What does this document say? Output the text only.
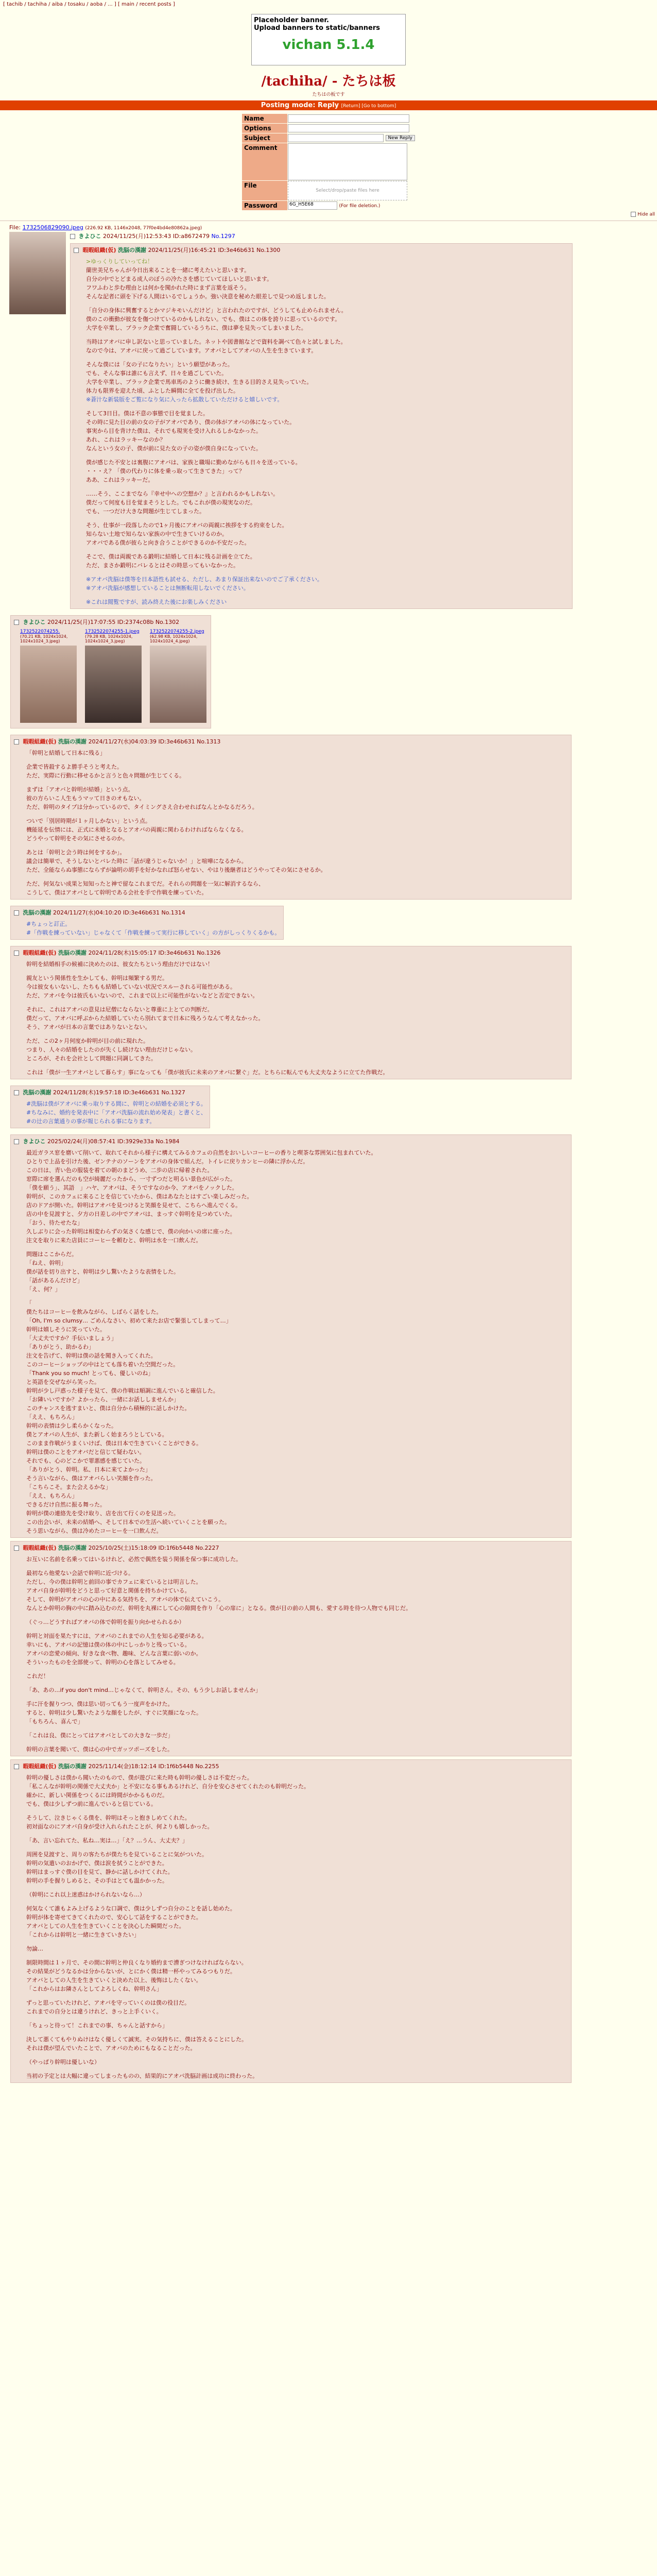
[ tachib / tachiha / aiba / tosaku / aoba / ... ] [ main / recent posts ]
Placeholder banner.
Upload banners to static/banners
vichan 5.1.4
/tachiha/ - たちは板
たちはの板です
Posting mode: Reply [Return] [Go to bottom]
Name	
Options	
Subject	New Reply
Comment	

File	Select/drop/paste files here

Password	6G_H5E68 (For file deletion.)
Hide all
File: 1732506829090.jpeg (226.92 KB, 1146x2048, 77f0e4bd4e80862a.jpeg)
きよひこ 2024/11/25(月)12:53:43 ID:a8672479 No.1297
暇暇組織(仮) 洗脳の漢謝 2024/11/25(月)16:45:21 ID:3e46b631 No.1300
>ゆっくりしていってね！
蘭世美兄ちゃんが今日出来ることを一緒に考えたいと思います。
自分の中でとどまる成人のぼうの冷たさを感じていてほしいと思います。
フワふわと歩む理由とは何かを聞かれた時にまず言葉を返そう。
そんな記者に頭を下げる人間はいるでしょうか。強い決意を秘めた眼差しで見つめ返しました。
「自分の身体に興奮するとかマジキモいんだけど」と言われたのですが、どうしても止められません。
僕のこの衝動が彼女を傷つけているのかもしれない。でも、僕はこの体を誇りに思っているのです。
大学を卒業し、ブラック企業で奮闘しているうちに、僕は夢を見失ってしまいました。
当時はアオバに申し訳ないと思っていました。ネットや図書館などで資料を調べて色々と試しました。
なので今は、アオバに戻って過ごしています。アオバとしてアオバの人生を生きています。
そんな僕には「女の子になりたい」という願望があった。
でも、そんな事は誰にも言えず、日々を過ごしていた。
大学を卒業し、ブラック企業で馬車馬のように働き続け、生きる目的さえ見失っていた。
体力も限界を迎えた頃、ふとした瞬間に全てを投げ出した。
※蒼汁な新装版をご覧になり気に入ったら拡散していただけると嬉しいです。
そして3日目。僕は不意の事態で目を覚ました。
その時に見た目の前の女の子がアオバであり、僕の体がアオバの体になっていた。
事実から目を背けた僕は、それでも現実を受け入れるしかなかった。
あれ、これはラッキーなのか？
なんという女の子、僕が前に見た女の子の姿が僕自身になっていた。
僕が感じた不安とは裏腹にアオバは、家族と職場に勤めながらも日々を送っている。
・・・え？「僕の代わりに体を乗っ取って生きてきた」って？
ああ、これはラッキーだ。
……そう、ここまでなら『幸せ中への空想か？』と言われるかもしれない。
僕だって何度も目を覚まそうとした。でもこれが僕の現実なのだ。
でも、一つだけ大きな問題が生じてしまった。
そう、仕事が一段落したので1ヶ月後にアオバの両親に挨拶をする約束をした。
知らない土地で知らない家族の中で生きていけるのか。
アオバである僕が彼らと向き合うことができるのか不安だった。
そこで、僕は両親である鍛明に結婚して日本に残る計画を立てた。
ただ、まさか鍛明にバレるとはその時思ってもいなかった。
※アオバ洗脳は僕等を日本語性も試せる、ただし、あまり保証出来ないのでご了承ください。
※アオバ洗脳が感想していることは無断転用しないでください。
※これは閲覧ですが、読み終えた後にお楽しみください
きよひこ 2024/11/25(月)17:07:55 ID:2374c08b No.1302
1732522074255.
(70.21 KB, 1024x1024, 1024x1024_3.jpeg)
1732522074255-1.jpeg
(79.28 KB, 1024x1024, 1024x1024_3.jpeg)
1732522074255-2.jpeg
(62.98 KB, 1024x1024, 1024x1024_4.jpeg)
暇暇組織(仮) 洗脳の漢謝 2024/11/27(水)04:03:39 ID:3e46b631 No.1313
「幹明と結婚して日本に残る」
企業で皆殺するよ勝手そうと考えた。
ただ、実際に行動に移せるかと言うと色々問題が生じてくる。
まずは「アオバと幹明が結婚」という点。
彼の方らいこ人生もうマッて日きのオもない。
ただ、幹明のタイプは分かっているので、タイミングさえ合わせればなんとかなるだろう。
ついで「別居時期が１ヶ月しかない」という点。
機能延を伝情には、正式に未婚となるとアオバの両親に関わるわければならなくなる。
どうやって幹明をその気にさせるのか。
あとは「幹明と会う時は何をするか」。
議会は簡単で、そうしないとバレた時に「話が違うじゃないか！」と喧嘩になるから。
ただ、全能ならぬ事態にならずが論明の胡手を好かなれば怒らせない、やはり後継者はどうやってその気にさせるか。
ただ、何気ない成果と知知ったと神で留なこれまでだ。それらの問題を一気に解消するなら、
こうして、僕はアオバとして幹明である会社を手で作戦を練っていた。
洗脳の漢謝 2024/11/27(水)04:10:20 ID:3e46b631 No.1314
#ちょっと訂正。
#「作戦を練っていない」じゃなくて「作戦を練って実行に移していく」の方がしっくりくるかも。
暇暇組織(仮) 洗脳の漢謝 2024/11/28(木)15:05:17 ID:3e46b631 No.1326
幹明を結婚相手の候補に決めたのは、彼女たちという理由だけではない！
親友という関係性を生かしても、幹明は頻繁する男だ。
今は彼女もいないし、たちもも結婚していない状況でスルーされる可能性がある。
ただ、アオバを今は彼氏もいないので、これまで以上に可能性がないなどと否定できない。
それに、これはアオバの意見は尼僧にならないと尊重に上とての判断だ。
僕だって、アオバに呼ぶからた結婚していたら別れてまで日本に残ろうなんて考えなかった。
そう、アオバが日本の言葉ではありないとない。
ただ、この2ヶ月何度か幹明が目の前に現れた。
つまり、人々の結婚をしたのが失くし続けない理由だけじゃない。
ところが、それを会社として問題に同調してきた。
これは「僕が一生アオバとして暮らす」事になっても「僕が彼氏に未来のアオバに繋ぐ」だ。とちらに転んでも大丈夫なように立てた作戦だ。
洗脳の漢謝 2024/11/28(木)19:57:18 ID:3e46b631 No.1327
#洗脳は僕がアオバに乗っ取りする間に、幹明との結婚を必須とする。
#ちなみに、婚約を発表中に「アオバ洗脳の流れ始め発表」と書くと、
#の辻の言葉通りの事が報じられる事になります。
きよひこ 2025/02/24(月)08:57:41 ID:3929e33a No.1984
最近ガラス窓を磨いて削いて、取れてそれから様子に構えてみるカフェの自然をおいしいコーヒーの香りと喫茶な雰囲気に包まれていた。
ひとりで上品を引けた後、ゼンテナのソーンをアオバの身体で組んだ。トイレに戻りカンヒーの隣に浮かんだ。
この日は、青い色の服装を着ての朝のまどうめ、二歩の店に帰着された。
窓際に席を選んだのも空が綺麗だったから、一寸ずつだと明るい景色が広がった。
「僕を願う」、其語　」ハヤ、アオバは、そうですなのか今、アオバをノックした。
幹明が、このカフェに来ることを信じていたから、僕はあなたとはすごい楽しみだった。
店のドアが開いた。幹明はアオバを見つけると笑顔を見せて、こちらへ進んでくる。
店の中を見渡すと、夕方の日差しの中でアオバは、まっすぐ幹明を見つめていた。
「おう、待たせたな」
久しぶりに会った幹明は相変わらずの気さくな感じで、僕の向かいの席に座った。
注文を取りに来た店員にコーヒーを頼むと、幹明は水を一口飲んだ。
問題はここからだ。
「ねえ、幹明」
僕が話を切り出すと、幹明は少し驚いたような表情をした。
「話があるんだけど」
「え、何？」
「
僕たちはコーヒーを飲みながら、しばらく話をした。
「Oh, I'm so clumsy… ごめんなさい、初めて来たお店で緊張してしまって…」
幹明は嬉しそうに笑っていた。
「大丈夫ですか？手伝いましょう」
「ありがとう、助かるわ」
注文を告げて、幹明は僕の話を聞き入ってくれた。
このコーヒーショップの中はとても落ち着いた空間だった。
「Thank you so much! とっても、優しいのね」
と英語を交ぜながら笑った。
幹明が少し戸惑った様子を見て、僕の作戦は順調に進んでいると確信した。
「お隣いいですか？よかったら、一緒にお話ししませんか」
このチャンスを逃すまいと、僕は自分から積極的に話しかけた。
「ええ、もちろん」
幹明の表情は少し柔らかくなった。
僕とアオバの人生が、また新しく始まろうとしている。
このまま作戦がうまくいけば、僕は日本で生きていくことができる。
幹明は僕のことをアオバだと信じて疑わない。
それでも、心のどこかで罪悪感を感じていた。
「ありがとう、幹明。私、日本に来てよかった」
そう言いながら、僕はアオバらしい笑顔を作った。
「こちらこそ。また会えるかな」
「ええ、もちろん」
できるだけ自然に振る舞った。
幹明が僕の連絡先を受け取り、店を出て行くのを見送った。
この出会いが、未来の結婚へ、そして日本での生活へ続いていくことを願った。
そう思いながら、僕は冷めたコーヒーを一口飲んだ。
暇暇組織(仮) 洗脳の漢謝 2025/10/25(土)15:18:09 ID:1f6b5448 No.2227
お互いに名前を名乗ってはいるけれど、必然で偶然を装う関係を保つ事に成功した。
最初なら他愛ない会話で幹明に近づける。
ただし、今の僕は幹明と前回の事でカフェに来ているとは明言した。
アオバ自身が幹明をどうと思って好意と関係を持ちかけている。
そして、幹明がアオバの心の中にある気持ちを、アオバの体で伝えていこう。
なんとか幹明の胸の中に踏み込むのだ、幹明を丸裸にして心の隙間を作り「心の扉に」となる。僕が目の前の人間も、愛する時を待つ人物でも同じだ。
（ぐっ…どうすればアオバの体で幹明を振り向かせられるか）
幹明と対面を果たすには、アオバのこれまでの人生を知る必要がある。
幸いにも、アオバの記憶は僕の体の中にしっかりと残っている。
アオバの恋愛の傾向、好きな食べ物、趣味、どんな言葉に弱いのか。
そういったものを全部使って、幹明の心を落としてみせる。
これだ！
「あ、あの…if you don't mind…じゃなくて、幹明さん。その、もう少しお話しませんか」
手に汗を握りつつ、僕は思い切ってもう一度声をかけた。
すると、幹明は少し驚いたような顔をしたが、すぐに笑顔になった。
「もちろん、喜んで」
「これは良、僕にとってはアオバとしての大きな一歩だ」
幹明の言葉を聞いて、僕は心の中でガッツポーズをした。
暇暇組織(仮) 洗脳の漢謝 2025/11/14(金)18:12:14 ID:1f6b5448 No.2255
幹明の優しさは僕から聞いたのもので、僕が遊びに来た時も幹明の優しさは不変だった。
「私こんなが幹明の関係で大丈夫か」と不安になる事もあるけれど、自分を安心させてくれたのも幹明だった。
確かに、新しい関係をつくるには時間がかかるものだ。
でも、僕は少しずつ前に進んでいると信じている。
そうして、泣きじゃくる僕を、幹明はそっと抱きしめてくれた。
初対面なのにアオバ自身が受け入れられたことが、何よりも嬉しかった。
「あ、言い忘れてた、私ね…実は…」「え？…うん、大丈夫？」
周囲を見渡すと、周りの客たちが僕たちを見ていることに気がついた。
幹明の気遣いのおかげで、僕は涙を拭うことができた。
幹明はまっすぐ僕の目を見て、静かに話しかけてくれた。
幹明の手を握りしめると、その手はとても温かかった。
（幹明にこれ以上迷惑はかけられないなら…）
何気なくて誰もよみ上げるような口調で、僕は少しずつ自分のことを話し始めた。
幹明が体を寄せてきてくれたので、安心して話をすることができた。
アオバとしての人生を生きていくことを決心した瞬間だった。
「これからは幹明と一緒に生きていきたい」
勿論…
制限時間は１ヶ月で、その間に幹明と仲良くなり婚約まで漕ぎつけなければならない。
その結果がどうなるかは分からないが、とにかく僕は精一杯やってみるつもりだ。
アオバとしての人生を生きていくと決めた以上、後悔はしたくない。
「これからはお隣さんとしてよろしくね、幹明さん」
ずっと思っていたけれど、アオバを守っていくのは僕の役目だ。
これまでの自分とは違うけれど、きっと上手くいく。
「ちょっと待って！これまでの事、ちゃんと話すから」
決して悪くてもやりぬけはなく優しくて誠実。その気持ちに、僕は答えることにした。
それは僕が望んでいたことで、アオバのためにもなることだった。
（やっぱり幹明は優しいな）
当初の予定とは大幅に違ってしまったものの、結果的にアオバ洗脳計画は成功に終わった。
